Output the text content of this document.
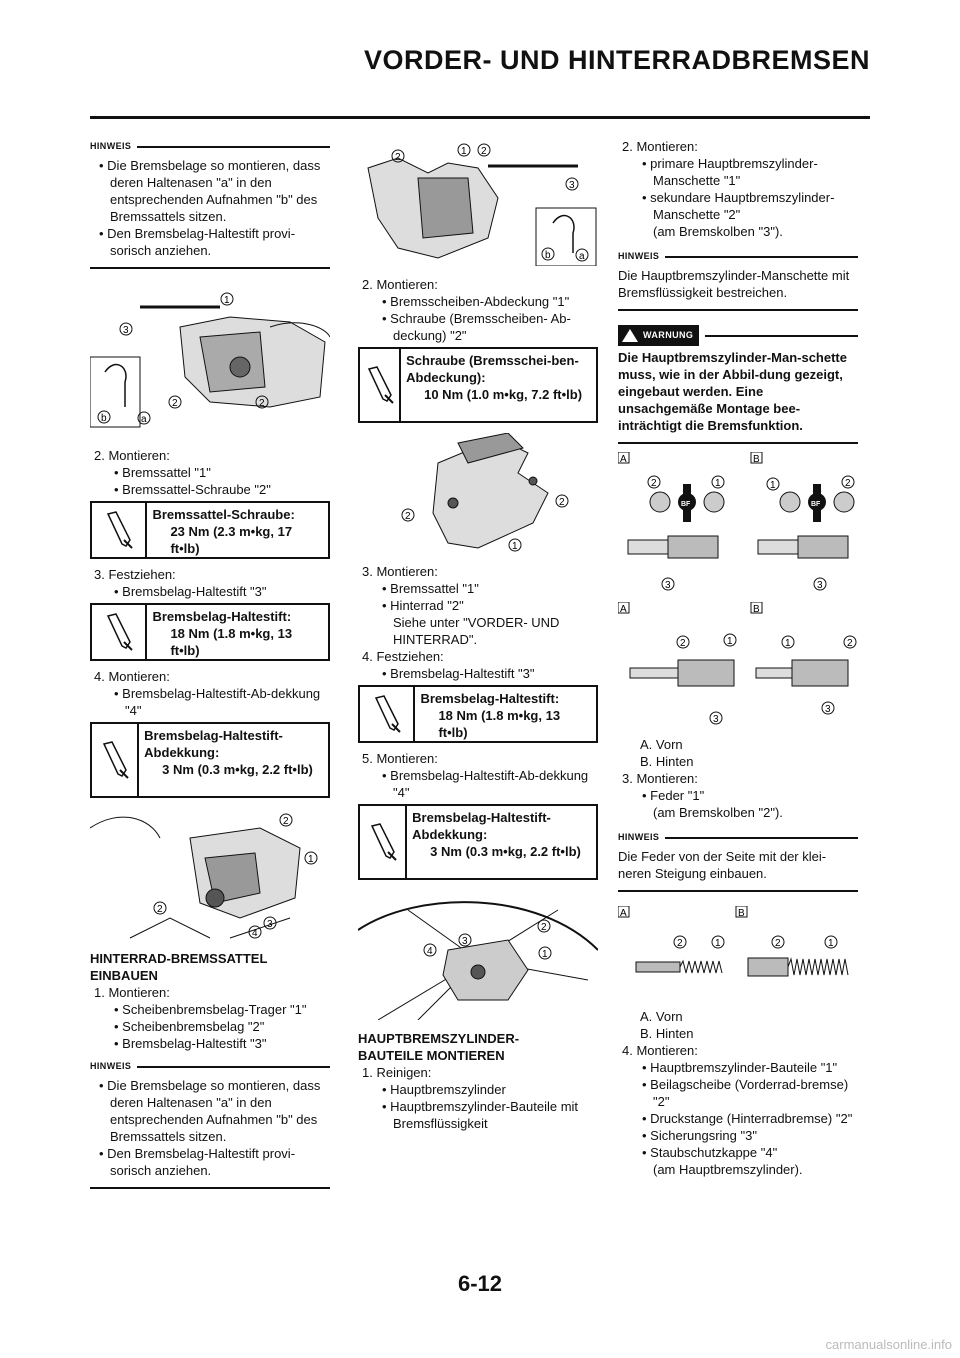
VORDER- UND HINTERRADBREMSEN
HINWEIS
• Die Bremsbelage so montieren, dass deren Haltenasen "a" in den entsprechenden Aufnahmen "b" des Bremssattels sitzen.
• Den Bremsbelag-Haltestift provi-sorisch anziehen.
1
3
b	a
2	2
2. Montieren:
• Bremssattel "1"
• Bremssattel-Schraube "2"
Bremssattel-Schraube:
23 Nm (2.3 m•kg, 17 ft•lb)
3. Festziehen:
• Bremsbelag-Haltestift "3"
Bremsbelag-Haltestift:
18 Nm (1.8 m•kg, 13 ft•lb)
4. Montieren:
• Bremsbelag-Haltestift-Ab-dekkung "4"
Bremsbelag-Haltestift-Abdekkung:
3 Nm (0.3 m•kg, 2.2 ft•lb)
2
1
2
3
4
HINTERRAD-BREMSSATTEL EINBAUEN
1. Montieren:
• Scheibenbremsbelag-Trager "1"
• Scheibenbremsbelag "2"
• Bremsbelag-Haltestift "3"
HINWEIS
• Die Bremsbelage so montieren, dass deren Haltenasen "a" in den entsprechenden Aufnahmen "b" des Bremssattels sitzen.
• Den Bremsbelag-Haltestift provi-sorisch anziehen.
2
1 2
3
b	a
2. Montieren:
• Bremsscheiben-Abdeckung "1"
• Schraube (Bremsscheiben- Ab-deckung) "2"
Schraube (Bremsschei-ben- Abdeckung):
10 Nm (1.0 m•kg, 7.2 ft•lb)
2
2
1
3. Montieren:
• Bremssattel "1"
• Hinterrad "2"
Siehe unter "VORDER- UND HINTERRAD".
4. Festziehen:
• Bremsbelag-Haltestift "3"
Bremsbelag-Haltestift:
18 Nm (1.8 m•kg, 13 ft•lb)
5. Montieren:
• Bremsbelag-Haltestift-Ab-dekkung "4"
Bremsbelag-Haltestift-Abdekkung:
3 Nm (0.3 m•kg, 2.2 ft•lb)
2
4
3
1
HAUPTBREMSZYLINDER-BAUTEILE MONTIEREN
1. Reinigen:
• Hauptbremszylinder
• Hauptbremszylinder-Bauteile mit Bremsflüssigkeit
2. Montieren:
• primare Hauptbremszylinder-Manschette "1"
• sekundare Hauptbremszylinder-Manschette "2"
(am Bremskolben "3").
HINWEIS
Die Hauptbremszylinder-Manschette mit Bremsflüssigkeit bestreichen.
WARNUNG
Die Hauptbremszylinder-Man-schette muss, wie in der Abbil-dung gezeigt, eingebaut werden. Eine unsachgemäße Montage bee-inträchtigt die Bremsfunktion.
A	B
BF	BF
2	1
3
1	2
3
A	B
2	1
3
1	2
3
A. Vorn
B. Hinten
3. Montieren:
• Feder "1"
(am Bremskolben "2").
HINWEIS
Die Feder von der Seite mit der klei-neren Steigung einbauen.
A	B
2	1	2	1
A. Vorn
B. Hinten
4. Montieren:
• Hauptbremszylinder-Bauteile "1"
• Beilagscheibe (Vorderrad-bremse) "2"
• Druckstange (Hinterradbremse) "2"
• Sicherungsring "3"
• Staubschutzkappe "4"
(am Hauptbremszylinder).
6-12
carmanualsonline.info
